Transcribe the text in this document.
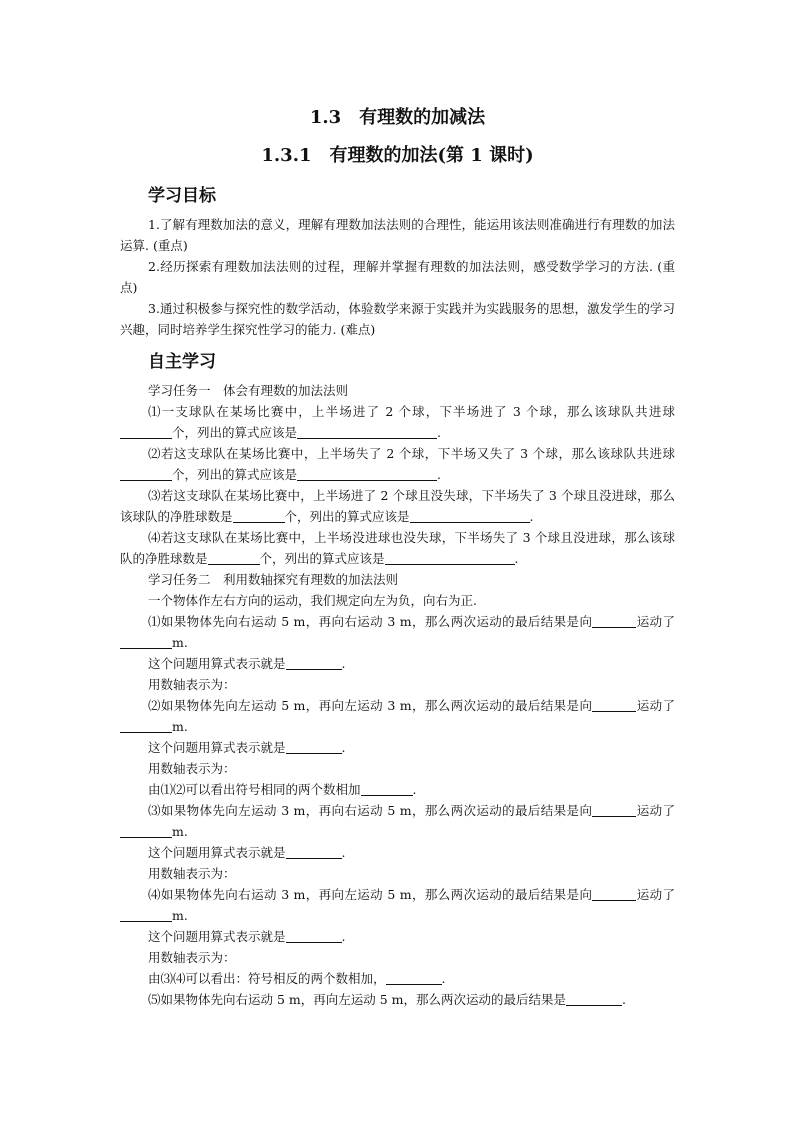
1.3　有理数的加减法
1.3.1　有理数的加法(第 1 课时)
学习目标

1.了解有理数加法的意义，理解有理数加法法则的合理性，能运用该法则准确进行有理数的加法运算. (重点)

2.经历探索有理数加法法则的过程，理解并掌握有理数的加法法则，感受数学学习的方法. (重点)

3.通过积极参与探究性的数学活动，体验数学来源于实践并为实践服务的思想，激发学生的学习兴趣，同时培养学生探究性学习的能力. (难点)

自主学习

学习任务一　体会有理数的加法法则

⑴一支球队在某场比赛中，上半场进了 2 个球，下半场进了 3 个球，那么该球队共进球个，列出的算式应该是	.

⑵若这支球队在某场比赛中，上半场失了 2 个球，下半场又失了 3 个球，那么该球队共进球个，列出的算式应该是	.

⑶若这支球队在某场比赛中，上半场进了 2 个球且没失球，下半场失了 3 个球且没进球，那么该球队的净胜球数是	个，列出的算式应该是	.

⑷若这支球队在某场比赛中，上半场没进球也没失球，下半场失了 3 个球且没进球，那么该球队的净胜球数是	个，列出的算式应该是	.

学习任务二　利用数轴探究有理数的加法法则

一个物体作左右方向的运动，我们规定向左为负，向右为正.

⑴如果物体先向右运动 5 m，再向右运动 3 m，那么两次运动的最后结果是向	运动了m.

这个问题用算式表示就是	.

用数轴表示为：

⑵如果物体先向左运动 5 m，再向左运动 3 m，那么两次运动的最后结果是向	运动了m.

这个问题用算式表示就是	.

用数轴表示为：

由⑴⑵可以看出符号相同的两个数相加	.

⑶如果物体先向左运动 3 m，再向右运动 5 m，那么两次运动的最后结果是向	运动了m.

这个问题用算式表示就是	.

用数轴表示为：

⑷如果物体先向右运动 3 m，再向左运动 5 m，那么两次运动的最后结果是向	运动了m.

这个问题用算式表示就是	.

用数轴表示为：

由⑶⑷可以看出：符号相反的两个数相加，	.

⑸如果物体先向右运动 5 m，再向左运动 5 m，那么两次运动的最后结果是	.
